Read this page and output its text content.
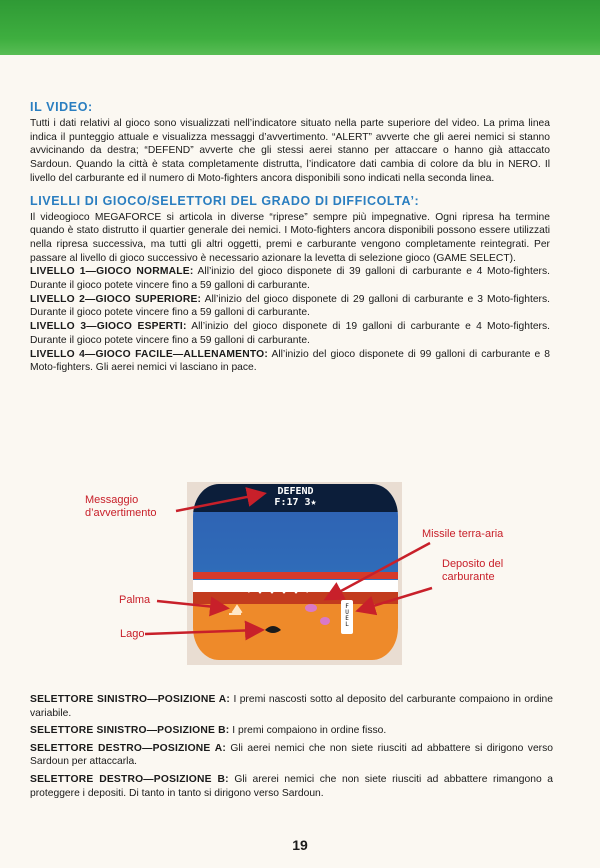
IL VIDEO:

Tutti i dati relativi al gioco sono visualizzati nell’indicatore situato nella parte superiore del video. La prima linea indica il punteggio attuale e visualizza messaggi d’avvertimento. “ALERT” avverte che gli aerei nemici si stanno avvicinando da destra; “DEFEND” avverte che gli stessi aerei stanno per attaccare o hanno già attaccato Sardoun. Quando la città è stata completamente distrutta, l’indicatore dati cambia di colore da blu in NERO. Il livello del carburante ed il numero di Moto-fighters ancora disponibili sono indicati nella seconda linea.

LIVELLI DI GIOCO/SELETTORI DEL GRADO DI DIFFICOLTA’:

Il videogioco MEGAFORCE si articola in diverse “riprese” sempre più impegnative. Ogni ripresa ha termine quando è stato distrutto il quartier generale dei nemici. I Moto-fighters ancora disponibili possono essere utilizzati nella ripresa successiva, ma tutti gli altri oggetti, premi e carburante vengono completamente reintegrati. Per passare al livello di gioco successivo è necessario azionare la levetta di selezione gioco (GAME SELECT).

LIVELLO 1—GIOCO NORMALE: All’inizio del gioco disponete di 39 galloni di carburante e 4 Moto-fighters. Durante il gioco potete vincere fino a 59 galloni di carburante.

LIVELLO 2—GIOCO SUPERIORE: All’inizio del gioco disponete di 29 galloni di carburante e 3 Moto-fighters. Durante il gioco potete vincere fino a 59 galloni di carburante.

LIVELLO 3—GIOCO ESPERTI: All’inizio del gioco disponete di 19 galloni di carburante e 4 Moto-fighters. Durante il gioco potete vincere fino a 59 galloni di carburante.

LIVELLO 4—GIOCO FACILE—ALLENAMENTO: All’inizio del gioco disponete di 99 galloni di carburante e 8 Moto-fighters. Gli aerei nemici vi lasciano in pace.

DEFEND
F:17 3★
F U E L
Messaggio
d’avvertimento
Missile terra-aria
Deposito del
carburante
Palma
Lago

SELETTORE SINISTRO—POSIZIONE A: I premi nascosti sotto al deposito del carburante compaiono in ordine variabile.

SELETTORE SINISTRO—POSIZIONE B: I premi compaiono in ordine fisso.

SELETTORE DESTRO—POSIZIONE A: Gli aerei nemici che non siete riusciti ad abbattere si dirigono verso Sardoun per attaccarla.

SELETTORE DESTRO—POSIZIONE B: Gli arerei nemici che non siete riusciti ad abbattere rimangono a proteggere i depositi. Di tanto in tanto si dirigono verso Sardoun.

19
